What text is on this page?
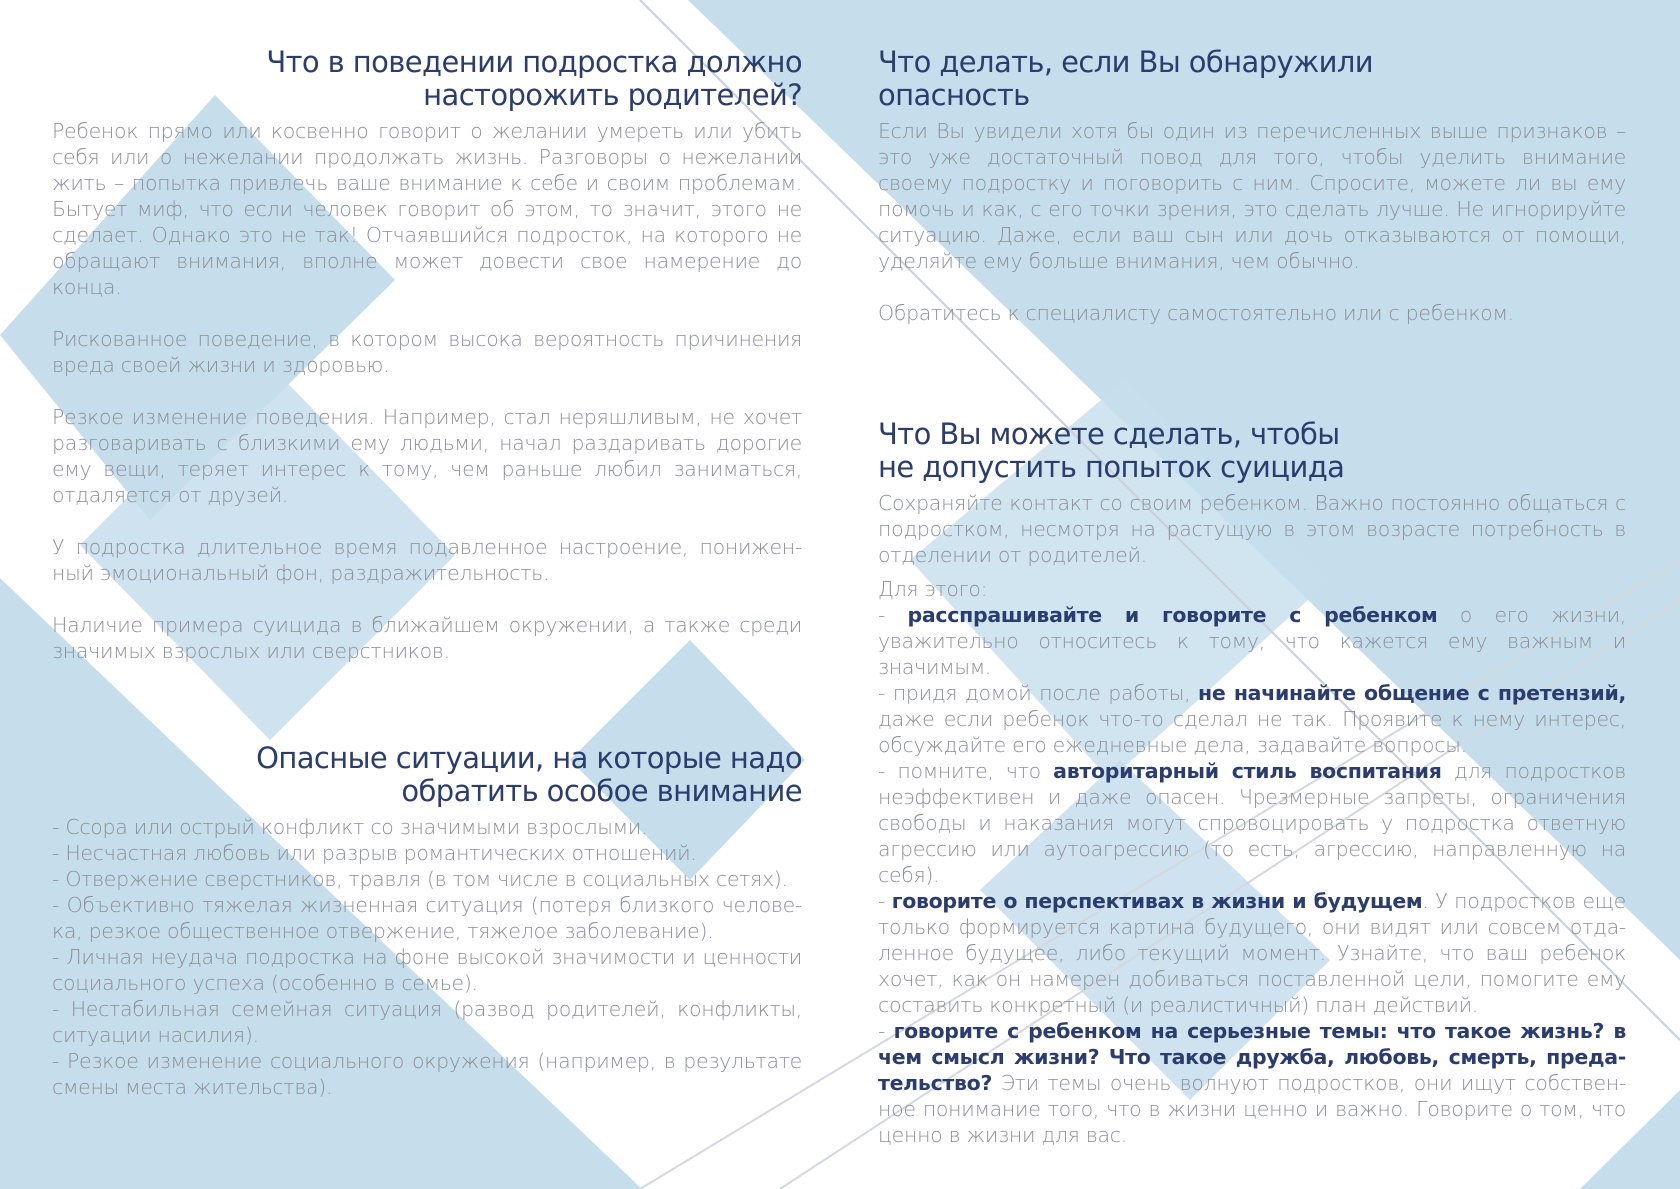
Что в поведении подростка должно
насторожить родителей?

Ребенок прямо или косвенно говорит о желании умереть или убить себя или о нежелании продолжать жизнь. Разговоры о нежелании жить – попытка привлечь ваше внимание к себе и своим проблемам. Бытует миф, что если человек говорит об этом, то значит, этого не сделает. Однако это не так! Отчаявшийся подросток, на которого не обращают внимания, вполне может довести свое намерение до конца.

Рискованное поведение, в котором высока вероятность причинения вреда своей жизни и здоровью.

Резкое изменение поведения. Например, стал неряшливым, не хочет разговаривать с близкими ему людьми, начал раздаривать дорогие ему вещи, теряет интерес к тому, чем раньше любил заниматься, отдаляется от друзей.

У подростка длительное время подавленное настроение, понижен-ный эмоциональный фон, раздражительность.

Наличие примера суицида в ближайшем окружении, а также среди значимых взрослых или сверстников.

Опасные ситуации, на которые надо
обратить особое внимание

- Ссора или острый конфликт со значимыми взрослыми.

- Несчастная любовь или разрыв романтических отношений.

- Отвержение сверстников, травля (в том числе в социальных сетях).

- Объективно тяжелая жизненная ситуация (потеря близкого челове-ка, резкое общественное отвержение, тяжелое заболевание).

- Личная неудача подростка на фоне высокой значимости и ценности социального успеха (особенно в семье).

- Нестабильная семейная ситуация (развод родителей, конфликты, ситуации насилия).

- Резкое изменение социального окружения (например, в результате смены места жительства).

Что делать, если Вы обнаружили
опасность

Если Вы увидели хотя бы один из перечисленных выше признаков – это уже достаточный повод для того, чтобы уделить внимание своему подростку и поговорить с ним. Спросите, можете ли вы ему помочь и как, с его точки зрения, это сделать лучше. Не игнорируйте ситуацию. Даже, если ваш сын или дочь отказываются от помощи, уделяйте ему больше внимания, чем обычно.

Обратитесь к специалисту самостоятельно или с ребенком.

Что Вы можете сделать, чтобы
не допустить попыток суицида

Сохраняйте контакт со своим ребенком. Важно постоянно общаться с подростком, несмотря на растущую в этом возрасте потребность в отделении от родителей.

Для этого:

- расспрашивайте и говорите с ребенком о его жизни, уважительно относитесь к тому, что кажется ему важным и значимым.

- придя домой после работы, не начинайте общение с претензий, даже если ребенок что-то сделал не так. Проявите к нему интерес, обсуждайте его ежедневные дела, задавайте вопросы.

- помните, что авторитарный стиль воспитания для подростков неэффективен и даже опасен. Чрезмерные запреты, ограничения свободы и наказания могут спровоцировать у подростка ответную агрессию или аутоагрессию (то есть, агрессию, направленную на себя).

- говорите о перспективах в жизни и будущем. У подростков еще только формируется картина будущего, они видят или совсем отда-ленное будущее, либо текущий момент. Узнайте, что ваш ребенок хочет, как он намерен добиваться поставленной цели, помогите ему составить конкретный (и реалистичный) план действий.

- говорите с ребенком на серьезные темы: что такое жизнь? в чем смысл жизни? Что такое дружба, любовь, смерть, преда-тельство? Эти темы очень волнуют подростков, они ищут собствен-ное понимание того, что в жизни ценно и важно. Говорите о том, что ценно в жизни для вас.
